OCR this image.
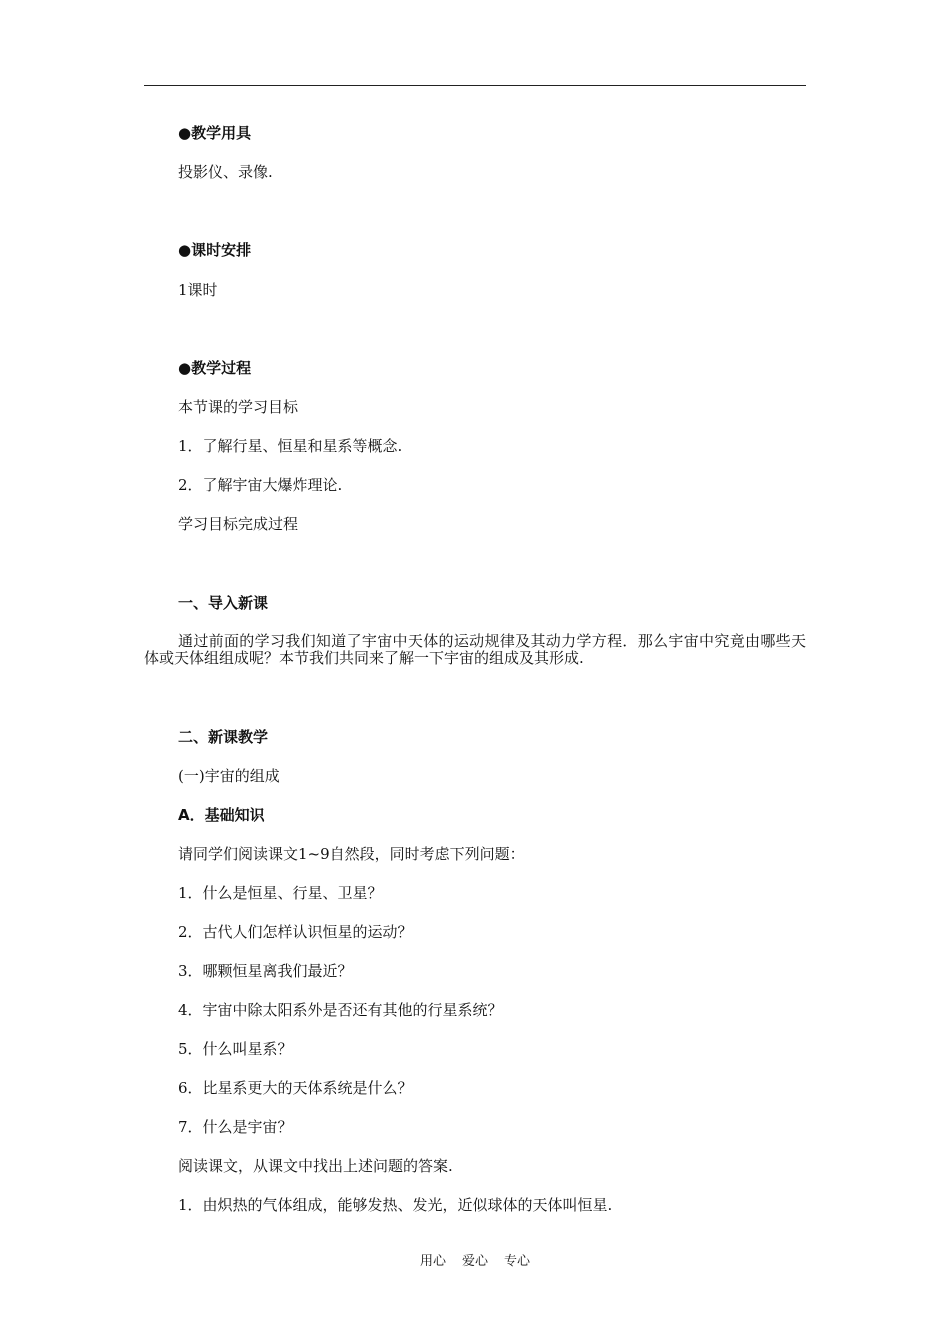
●教学用具
投影仪、录像.
●课时安排
1课时
●教学过程
本节课的学习目标
1．了解行星、恒星和星系等概念.
2．了解宇宙大爆炸理论.
学习目标完成过程
一、导入新课
通过前面的学习我们知道了宇宙中天体的运动规律及其动力学方程．那么宇宙中究竟由哪些天体或天体组组成呢？本节我们共同来了解一下宇宙的组成及其形成.
二、新课教学
(一)宇宙的组成
A．基础知识
请同学们阅读课文1~9自然段，同时考虑下列问题：
1．什么是恒星、行星、卫星？
2．古代人们怎样认识恒星的运动？
3．哪颗恒星离我们最近？
4．宇宙中除太阳系外是否还有其他的行星系统？
5．什么叫星系？
6．比星系更大的天体系统是什么？
7．什么是宇宙？
阅读课文，从课文中找出上述问题的答案.
1．由炽热的气体组成，能够发热、发光，近似球体的天体叫恒星.
用心 爱心 专心
